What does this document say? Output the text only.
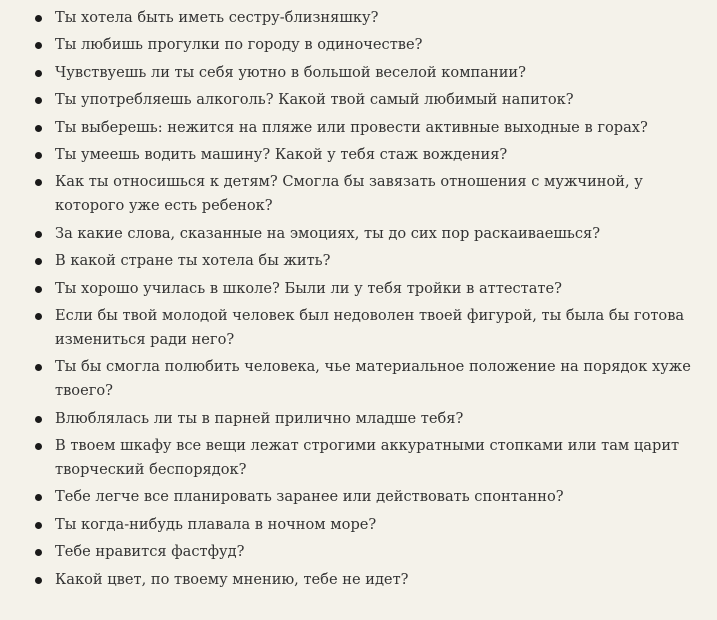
Ты хотела быть иметь сестру-близняшку?
Ты любишь прогулки по городу в одиночестве?
Чувствуешь ли ты себя уютно в большой веселой компании?
Ты употребляешь алкоголь? Какой твой самый любимый напиток?
Ты выберешь: нежится на пляже или провести активные выходные в горах?
Ты умеешь водить машину? Какой у тебя стаж вождения?
Как ты относишься к детям? Смогла бы завязать отношения с мужчиной, у которого уже есть ребенок?
За какие слова, сказанные на эмоциях, ты до сих пор раскаиваешься?
В какой стране ты хотела бы жить?
Ты хорошо училась в школе? Были ли у тебя тройки в аттестате?
Если бы твой молодой человек был недоволен твоей фигурой, ты была бы готова измениться ради него?
Ты бы смогла полюбить человека, чье материальное положение на порядок хуже твоего?
Влюблялась ли ты в парней прилично младше тебя?
В твоем шкафу все вещи лежат строгими аккуратными стопками или там царит творческий беспорядок?
Тебе легче все планировать заранее или действовать спонтанно?
Ты когда-нибудь плавала в ночном море?
Тебе нравится фастфуд?
Какой цвет, по твоему мнению, тебе не идет?
